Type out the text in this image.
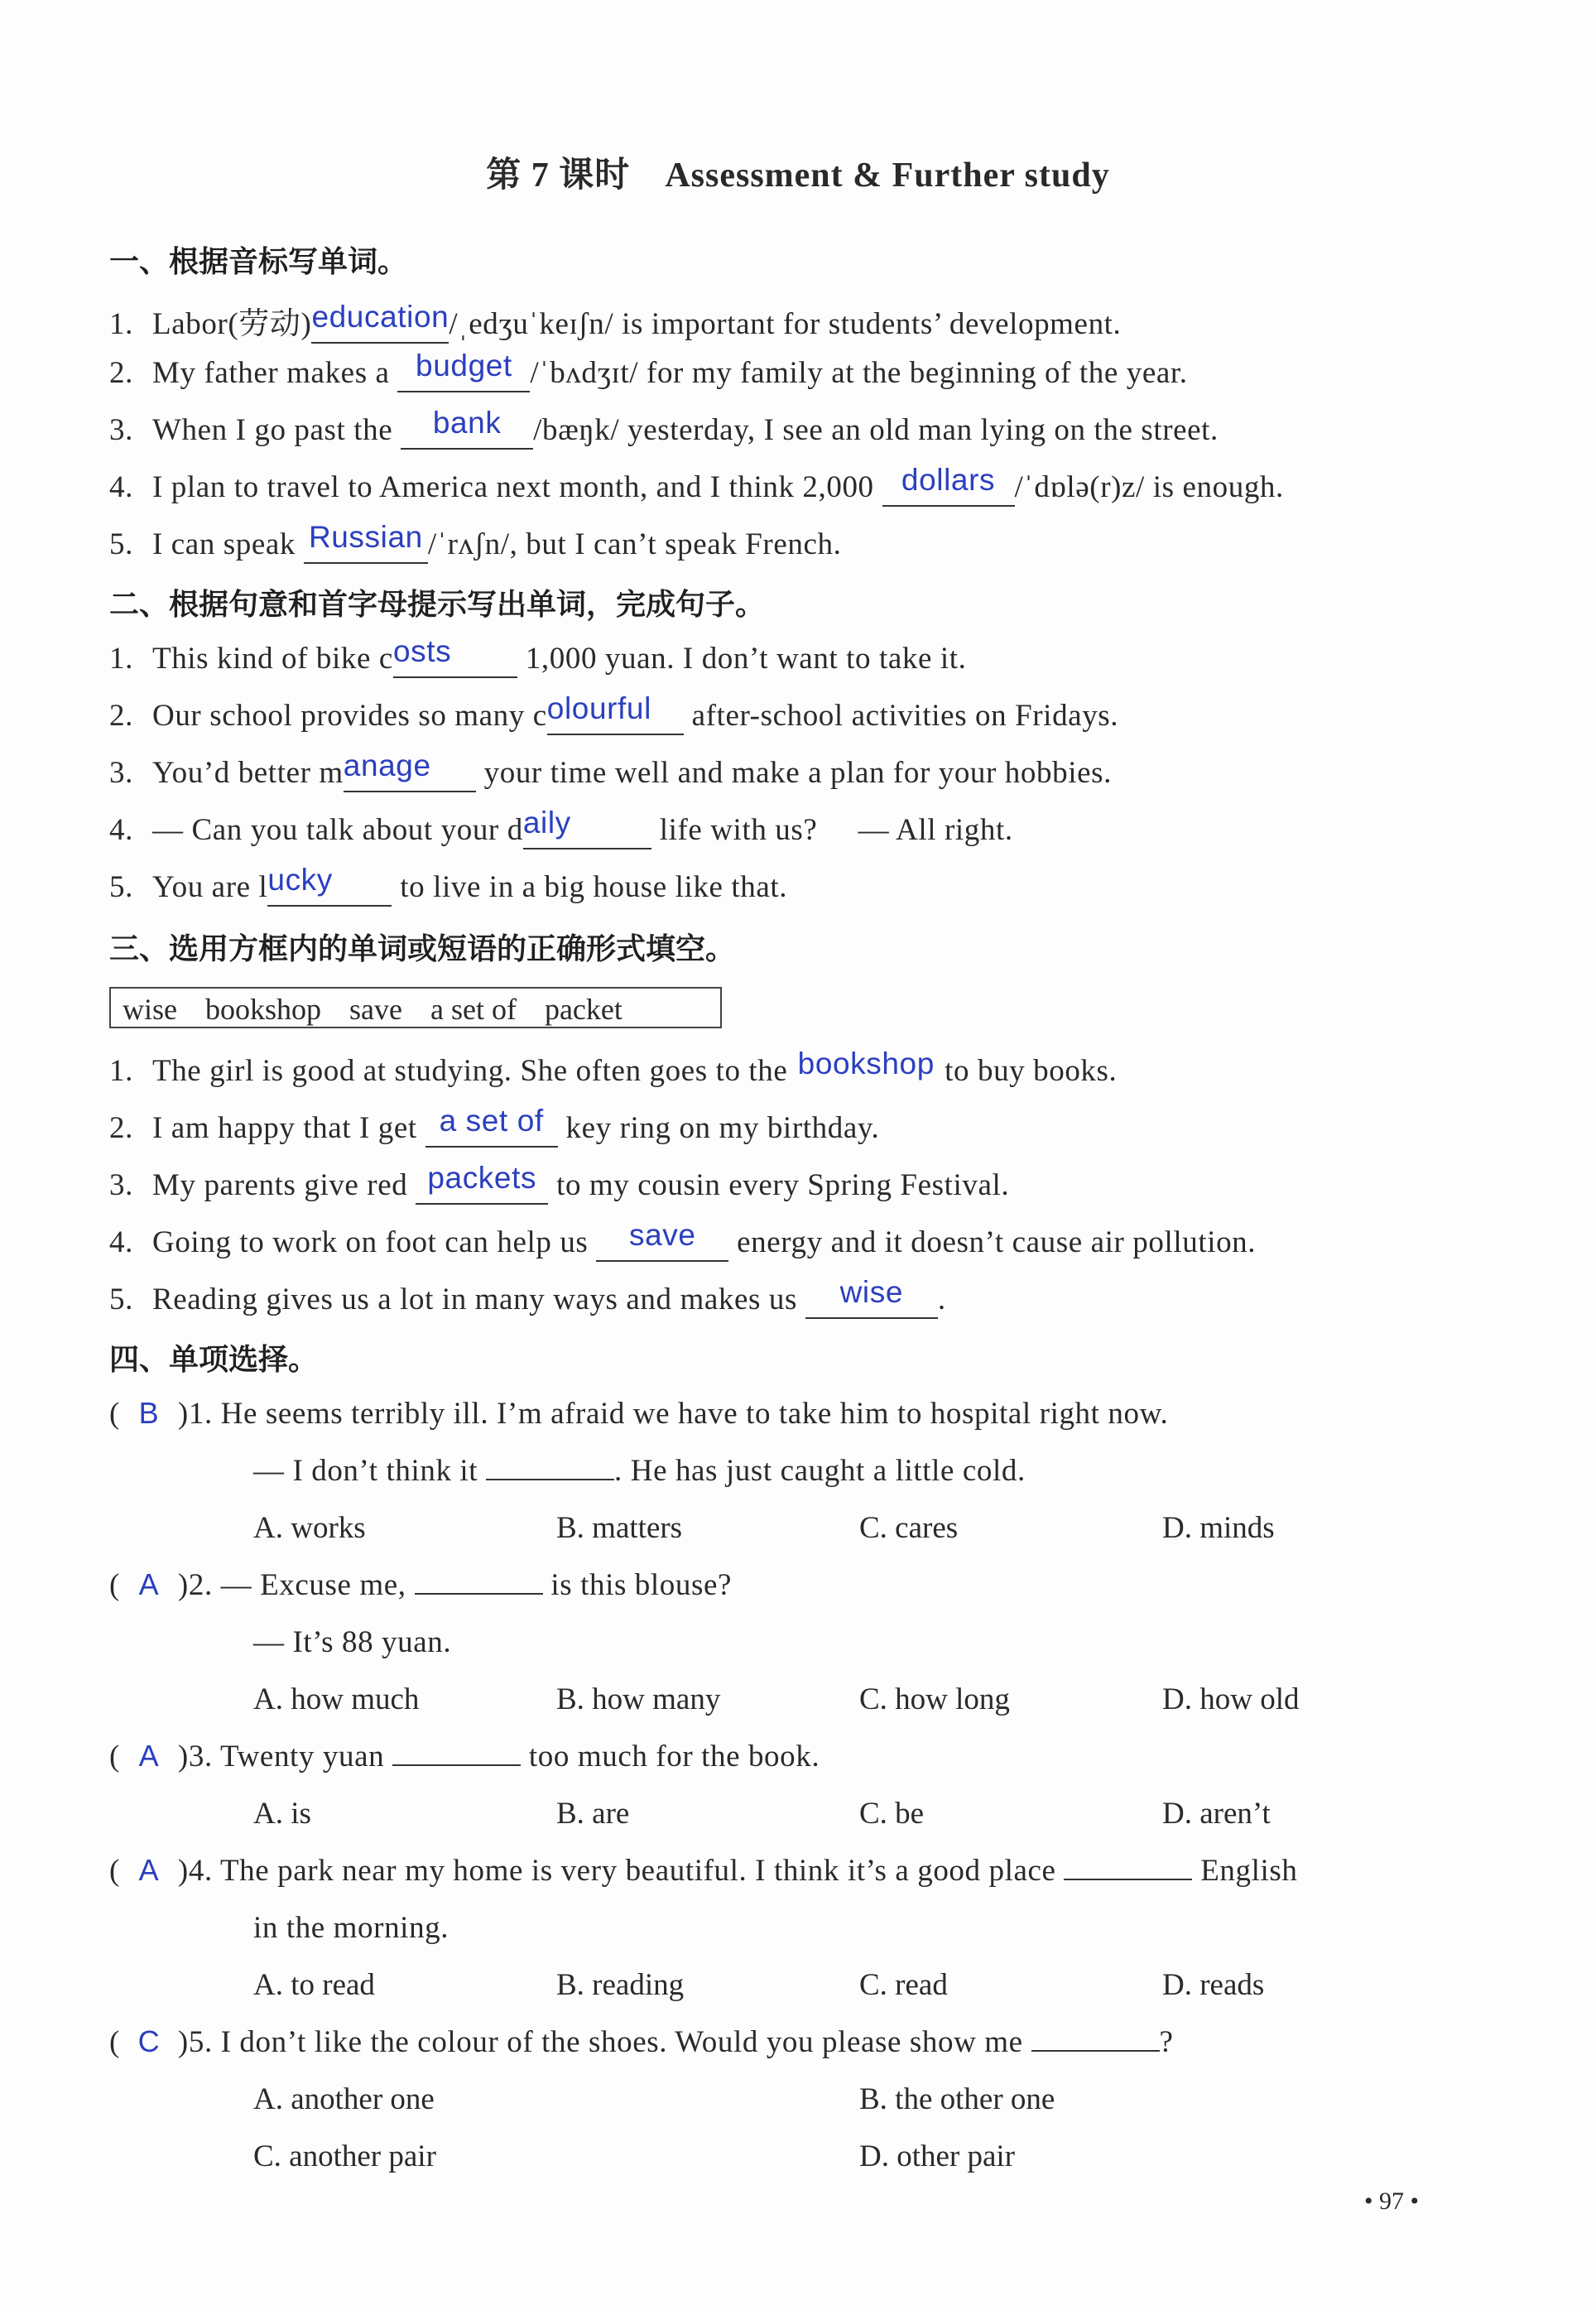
第 7 课时 Assessment & Further study
一、根据音标写单词。
1. Labor(劳动)education/ˌedʒuˈkeɪʃn/ is important for students’ development.
2. My father makes a budget /ˈbʌdʒɪt/ for my family at the beginning of the year.
3. When I go past the bank /bæŋk/ yesterday, I see an old man lying on the street.
4. I plan to travel to America next month, and I think 2,000 dollars /ˈdɒlə(r)z/ is enough.
5. I can speak Russian /ˈrʌʃn/, but I can’t speak French.
二、根据句意和首字母提示写出单词，完成句子。
1. This kind of bike costs 1,000 yuan. I don’t want to take it.
2. Our school provides so many colourful after-school activities on Fridays.
3. You’d better manage your time well and make a plan for your hobbies.
4. — Can you talk about your daily	life with us?     — All right.
5. You are lucky to live in a big house like that.
三、选用方框内的单词或短语的正确形式填空。
wise bookshop save a set of packet
1. The girl is good at studying. She often goes to the bookshop to buy books.
2. I am happy that I get a set of key ring on my birthday.
3. My parents give red packets to my cousin every Spring Festival.
4. Going to work on foot can help us save energy and it doesn’t cause air pollution.
5. Reading gives us a lot in many ways and makes us wise .
四、单项选择。
( B )1. He seems terribly ill. I’m afraid we have to take him to hospital right now.
— I don’t think it	. He has just caught a little cold.
A. works	B. matters	C. cares	D. minds
( A )2. — Excuse me,	is this blouse?
— It’s 88 yuan.
A. how much	B. how many	C. how long	D. how old
( A )3. Twenty yuan	too much for the book.
A. is	B. are	C. be	D. aren’t
( A )4. The park near my home is very beautiful. I think it’s a good place	English
in the morning.
A. to read	B. reading	C. read	D. reads
( C )5. I don’t like the colour of the shoes. Would you please show me	?
A. another one	B. the other one
C. another pair	D. other pair
• 97 •
